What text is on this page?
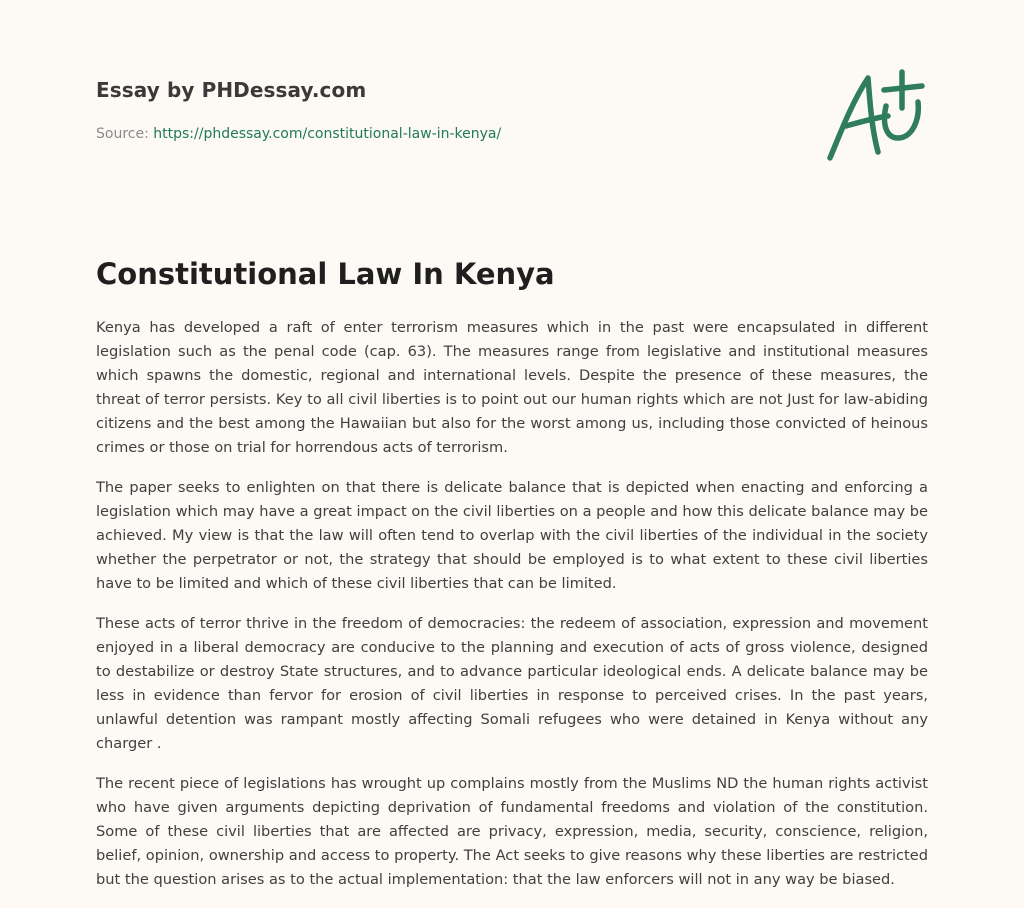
Essay by PHDessay.com
Source: https://phdessay.com/constitutional-law-in-kenya/
Constitutional Law In Kenya

Kenya has developed a raft of enter terrorism measures which in the past were encapsulated in different legislation such as the penal code (cap. 63). The measures range from legislative and institutional measures which spawns the domestic, regional and international levels. Despite the presence of these measures, the threat of terror persists. Key to all civil liberties is to point out our human rights which are not Just for law-abiding citizens and the best among the Hawaiian but also for the worst among us, including those convicted of heinous crimes or those on trial for horrendous acts of terrorism.

The paper seeks to enlighten on that there is delicate balance that is depicted when enacting and enforcing a legislation which may have a great impact on the civil liberties on a people and how this delicate balance may be achieved. My view is that the law will often tend to overlap with the civil liberties of the individual in the society whether the perpetrator or not, the strategy that should be employed is to what extent to these civil liberties have to be limited and which of these civil liberties that can be limited.

These acts of terror thrive in the freedom of democracies: the redeem of association, expression and movement enjoyed in a liberal democracy are conducive to the planning and execution of acts of gross violence, designed to destabilize or destroy State structures, and to advance particular ideological ends. A delicate balance may be less in evidence than fervor for erosion of civil liberties in response to perceived crises. In the past years, unlawful detention was rampant mostly affecting Somali refugees who were detained in Kenya without any charger .

The recent piece of legislations has wrought up complains mostly from the Muslims ND the human rights activist who have given arguments depicting deprivation of fundamental freedoms and violation of the constitution. Some of these civil liberties that are affected are privacy, expression, media, security, conscience, religion, belief, opinion, ownership and access to property. The Act seeks to give reasons why these liberties are restricted but the question arises as to the actual implementation: that the law enforcers will not in any way be biased.
